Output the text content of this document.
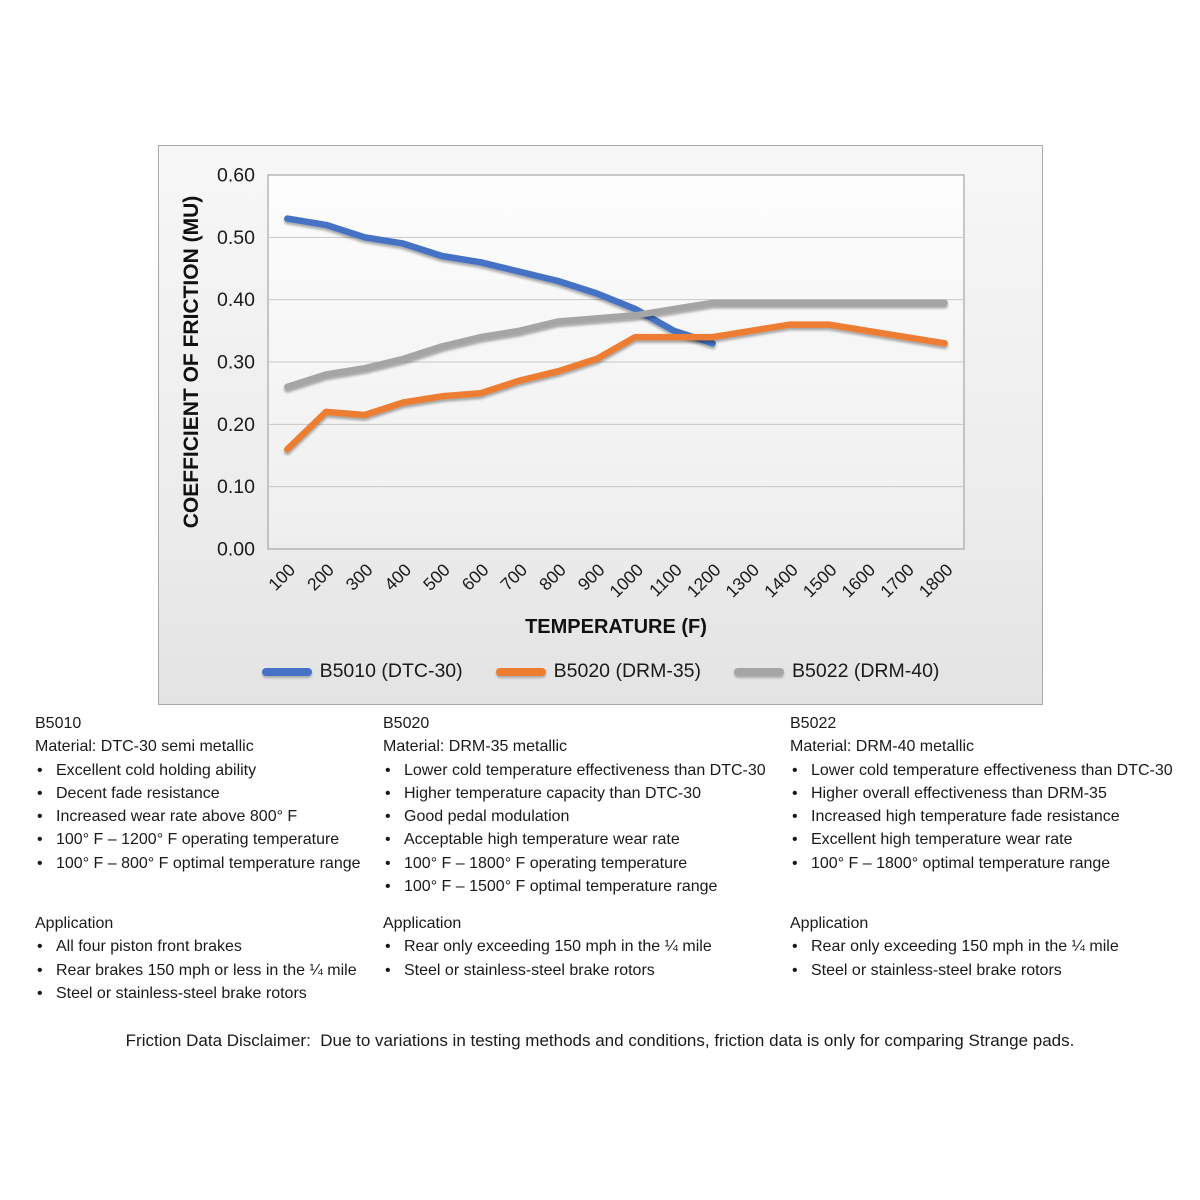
0.00
0.10
0.20
0.30
0.40
0.50
0.60
100 200 300 400 500 600 700 800 900
1000
1100
1200
1300
1400
1500
1600
1700
1800
COEFFICIENT OF FRICTION (MU)
TEMPERATURE (F)
B5010 (DTC-30)	B5020 (DRM-35)	B5022 (DRM-40)
B5010
Material: DTC-30 semi metallic
• Excellent cold holding ability
• Decent fade resistance
• Increased wear rate above 800° F
• 100° F – 1200° F operating temperature
• 100° F – 800° F optimal temperature range
Application
• All four piston front brakes
• Rear brakes 150 mph or less in the ¼ mile
• Steel or stainless-steel brake rotors
B5020
Material: DRM-35 metallic
• Lower cold temperature effectiveness than DTC-30
• Higher temperature capacity than DTC-30
• Good pedal modulation
• Acceptable high temperature wear rate
• 100° F – 1800° F operating temperature
• 100° F – 1500° F optimal temperature range
Application
• Rear only exceeding 150 mph in the ¼ mile
• Steel or stainless-steel brake rotors
B5022
Material: DRM-40 metallic
• Lower cold temperature effectiveness than DTC-30
• Higher overall effectiveness than DRM-35
• Increased high temperature fade resistance
• Excellent high temperature wear rate
• 100° F – 1800° optimal temperature range
Application
• Rear only exceeding 150 mph in the ¼ mile
• Steel or stainless-steel brake rotors
Friction Data Disclaimer:  Due to variations in testing methods and conditions, friction data is only for comparing Strange pads.
